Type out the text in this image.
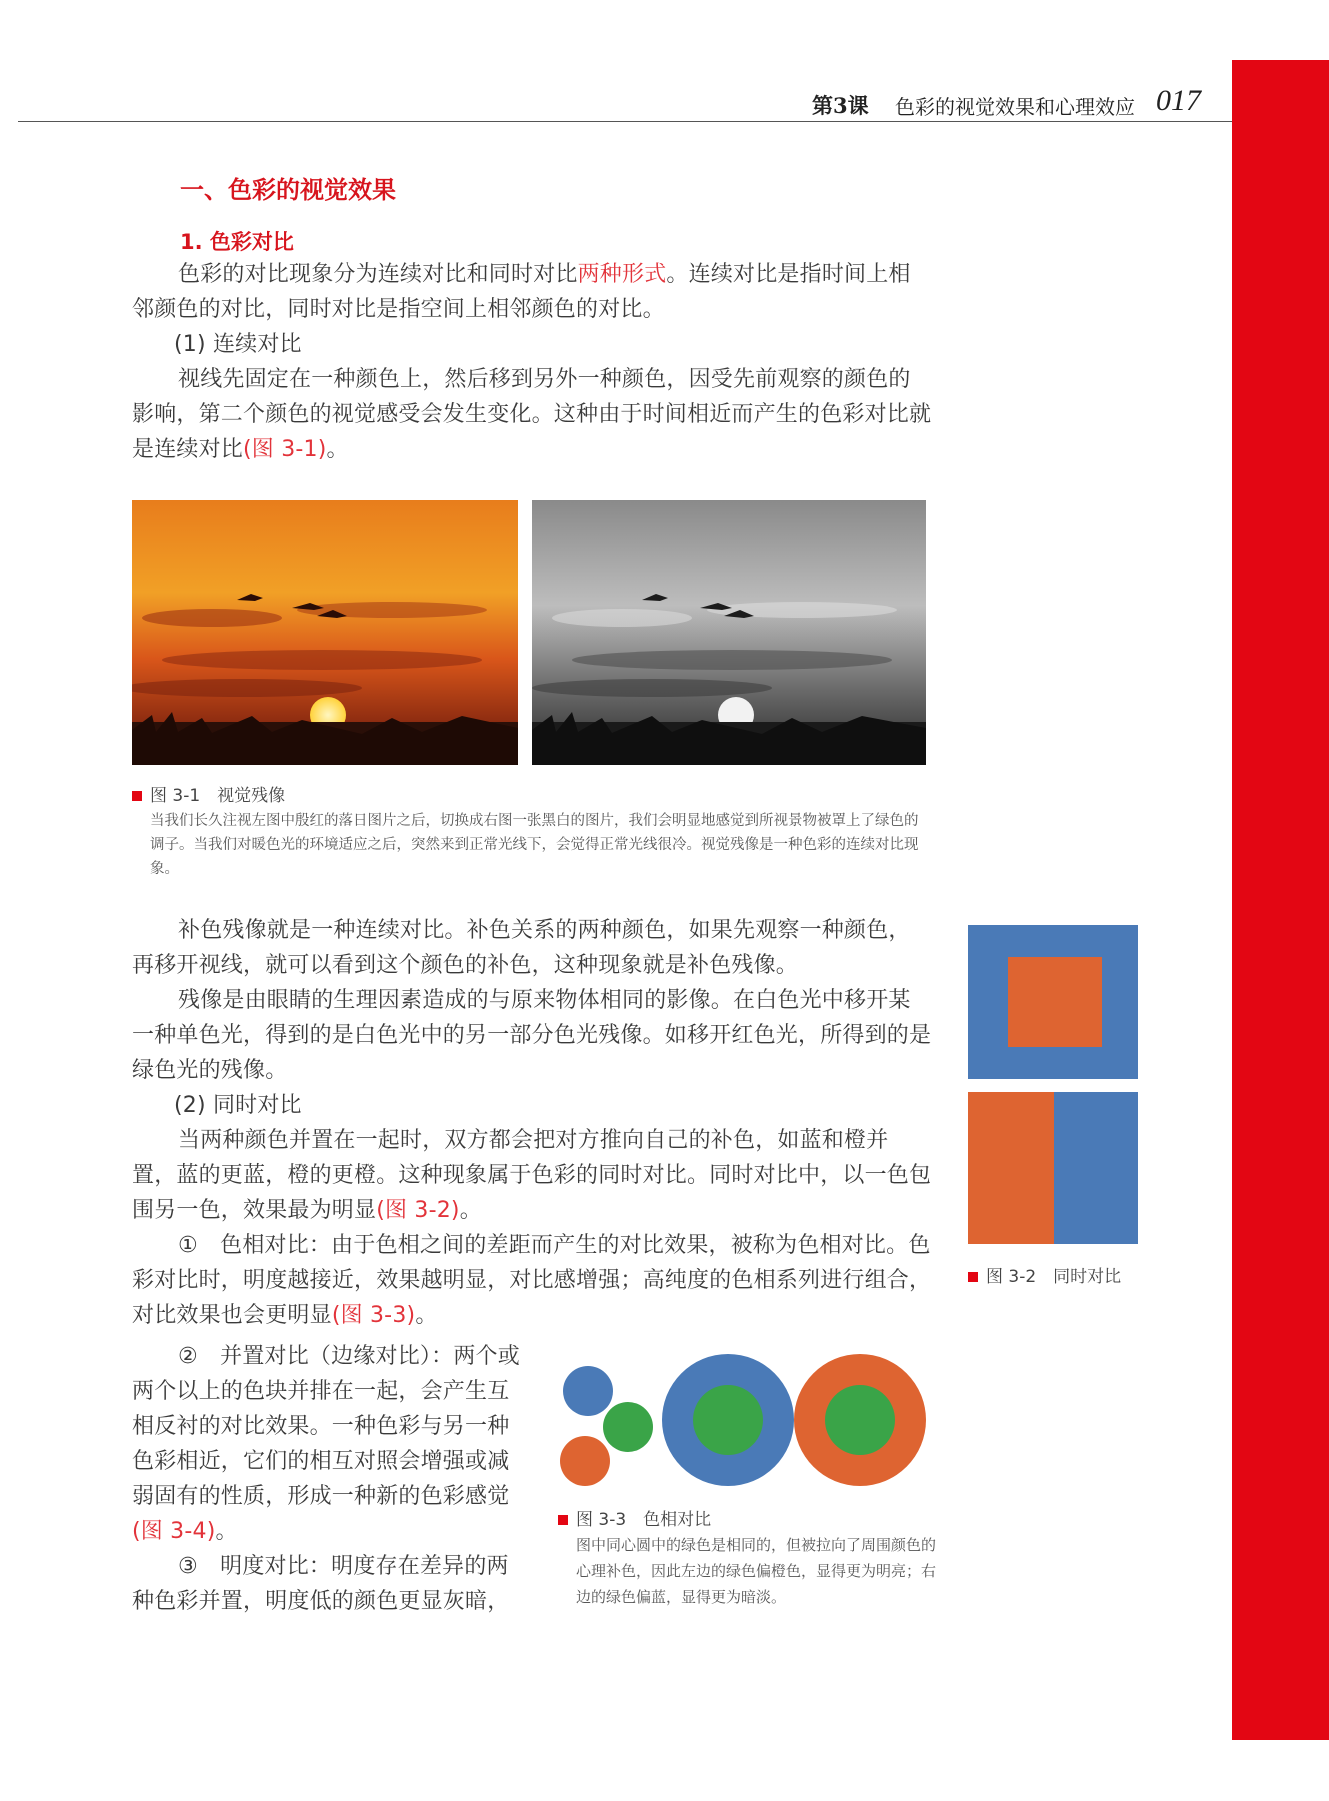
第3课 色彩的视觉效果和心理效应 017
一、色彩的视觉效果
1. 色彩对比

色彩的对比现象分为连续对比和同时对比两种形式。连续对比是指时间上相邻颜色的对比，同时对比是指空间上相邻颜色的对比。

(1) 连续对比

视线先固定在一种颜色上，然后移到另外一种颜色，因受先前观察的颜色的影响，第二个颜色的视觉感受会发生变化。这种由于时间相近而产生的色彩对比就是连续对比(图 3-1)。

图 3-1　视觉残像
当我们长久注视左图中殷红的落日图片之后，切换成右图一张黑白的图片，我们会明显地感觉到所视景物被罩上了绿色的调子。当我们对暖色光的环境适应之后，突然来到正常光线下，会觉得正常光线很冷。视觉残像是一种色彩的连续对比现象。

补色残像就是一种连续对比。补色关系的两种颜色，如果先观察一种颜色，再移开视线，就可以看到这个颜色的补色，这种现象就是补色残像。

残像是由眼睛的生理因素造成的与原来物体相同的影像。在白色光中移开某一种单色光，得到的是白色光中的另一部分色光残像。如移开红色光，所得到的是绿色光的残像。

(2) 同时对比

当两种颜色并置在一起时，双方都会把对方推向自己的补色，如蓝和橙并置，蓝的更蓝，橙的更橙。这种现象属于色彩的同时对比。同时对比中，以一色包围另一色，效果最为明显(图 3-2)。

①　色相对比：由于色相之间的差距而产生的对比效果，被称为色相对比。色彩对比时，明度越接近，效果越明显，对比感增强；高纯度的色相系列进行组合，对比效果也会更明显(图 3-3)。

②　并置对比（边缘对比）：两个或两个以上的色块并排在一起，会产生互相反衬的对比效果。一种色彩与另一种色彩相近，它们的相互对照会增强或减弱固有的性质，形成一种新的色彩感觉(图 3-4)。

③　明度对比：明度存在差异的两种色彩并置，明度低的颜色更显灰暗，

图 3-2　同时对比
图 3-3　色相对比
图中同心圆中的绿色是相同的，但被拉向了周围颜色的心理补色，因此左边的绿色偏橙色，显得更为明亮；右边的绿色偏蓝，显得更为暗淡。
